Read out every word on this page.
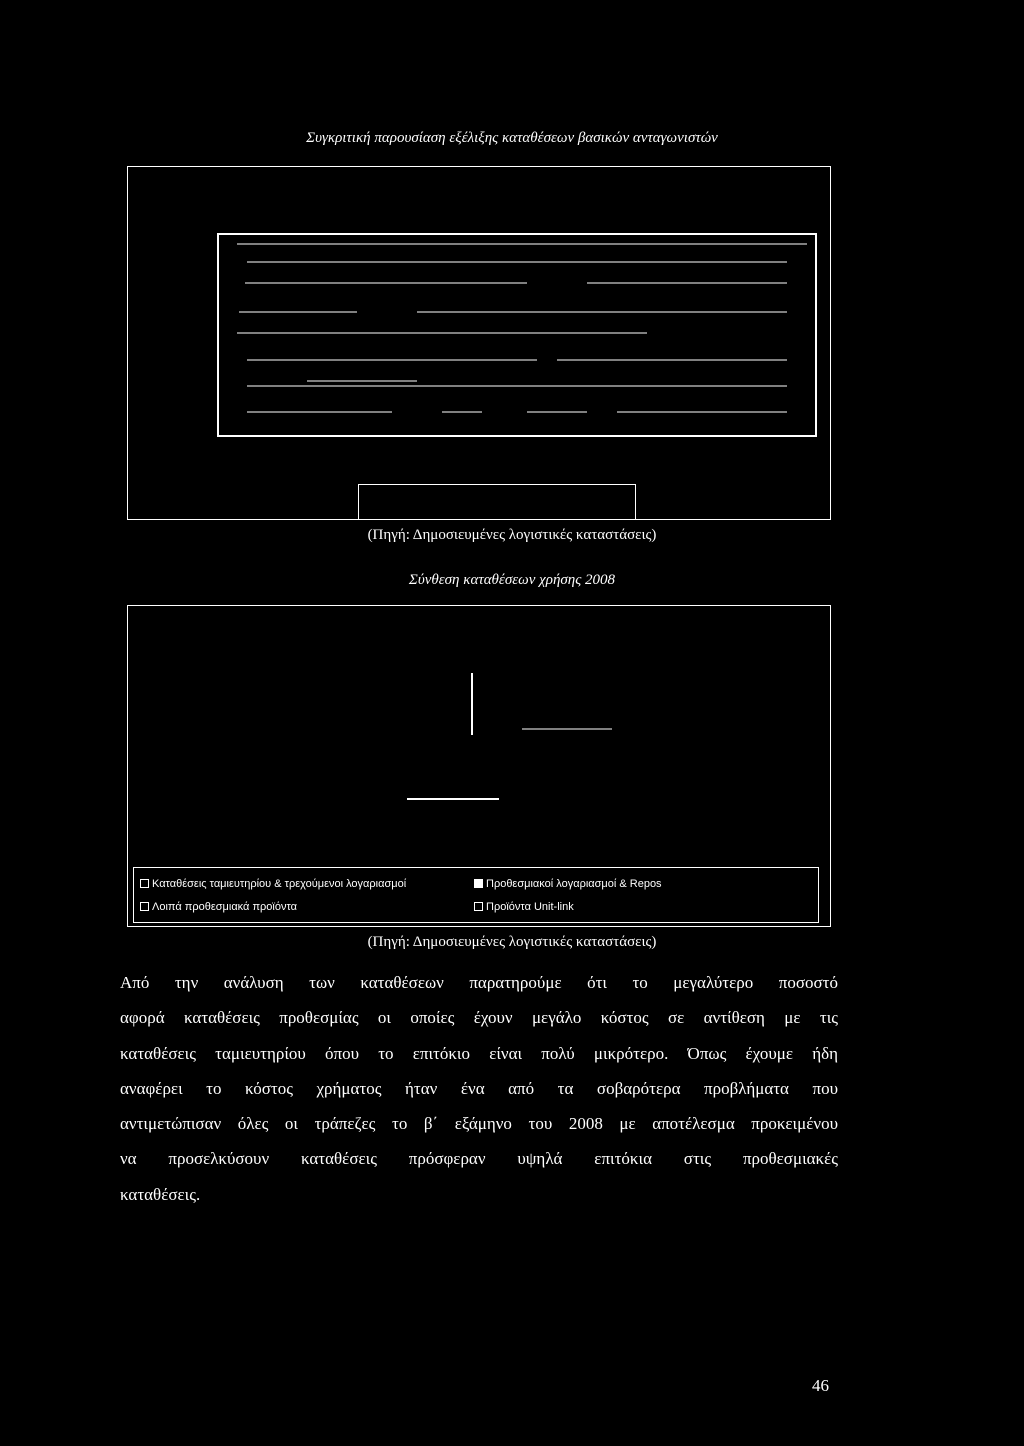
Συγκριτική παρουσίαση εξέλιξης καταθέσεων βασικών ανταγωνιστών
(Πηγή: Δημοσιευμένες λογιστικές καταστάσεις)
Σύνθεση καταθέσεων χρήσης 2008
Καταθέσεις ταμιευτηρίου & τρεχούμενοι λογαριασμοί	Προθεσμιακοί λογαριασμοί & Repos
Λοιπά προθεσμιακά προϊόντα	Προϊόντα Unit-link
(Πηγή: Δημοσιευμένες λογιστικές καταστάσεις)
Από την ανάλυση των καταθέσεων παρατηρούμε ότι το μεγαλύτερο ποσοστό
αφορά καταθέσεις προθεσμίας οι οποίες έχουν μεγάλο κόστος σε αντίθεση με τις
καταθέσεις ταμιευτηρίου όπου το επιτόκιο είναι πολύ μικρότερο. Όπως έχουμε ήδη
αναφέρει το κόστος χρήματος ήταν ένα από τα σοβαρότερα προβλήματα που
αντιμετώπισαν όλες οι τράπεζες το β΄ εξάμηνο του 2008 με αποτέλεσμα προκειμένου
να προσελκύσουν καταθέσεις πρόσφεραν υψηλά επιτόκια στις προθεσμιακές
καταθέσεις.
46
